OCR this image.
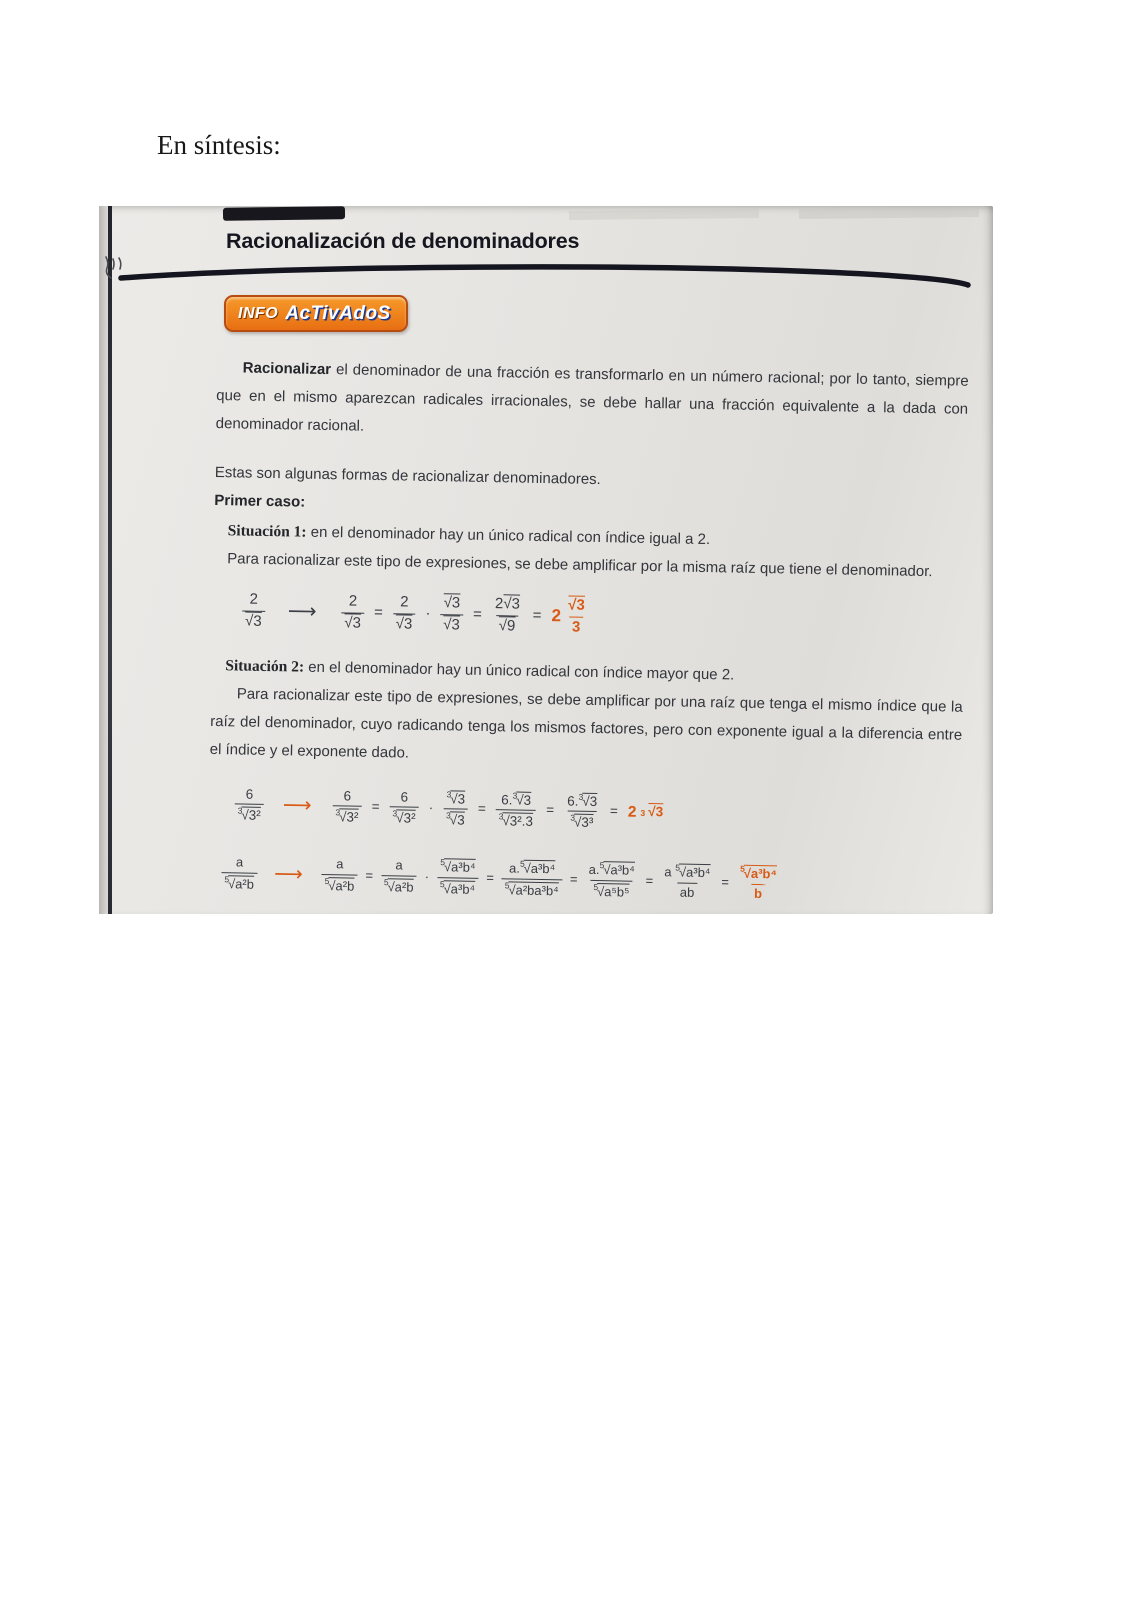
En síntesis:
Racionalización de denominadores
INFO AcTivAdoS

Racionalizar el denominador de una fracción es transformarlo en un número racional; por lo tanto, siempre que en el mismo aparezcan radicales irracionales, se debe hallar una fracción equivalente a la dada con denominador racional.

Estas son algunas formas de racionalizar denominadores.

Primer caso:

Situación 1: en el denominador hay un único radical con índice igual a 2.

Para racionalizar este tipo de expresiones, se debe amplificar por la misma raíz que tiene el denominador.

$\frac{2}{√3}$ ⟶ $\frac{2}{√3} = \frac{2}{√3} \cdot \frac{√3}{√3} = \frac{2√3}{√9} = 2 \frac{√3}{3}$

Situación 2: en el denominador hay un único radical con índice mayor que 2.

Para racionalizar este tipo de expresiones, se debe amplificar por una raíz que tenga el mismo índice que la raíz del denominador, cuyo radicando tenga los mismos factores, pero con exponente igual a la diferencia entre el índice y el exponente dado.

$\frac{6}{^3√3^2}$ ⟶ $\frac{6}{^3√3^2} = \frac{6}{^3√3^2} \cdot \frac{^3√3}{^3√3} = \frac{6.^3√3}{^3√3^2.3} = \frac{6.^3√3}{^3√3^3} = 2$ 3 √3
$\frac{a}{^5√a^2b}$ ⟶ $\frac{a}{^5√a^2b} = \frac{a}{^5√a^2b} \cdot \frac{^5√a^3b^4}{^5√a^3b^4} = \frac{a.^5√a^3b^4}{^5√a^2ba^3b^4} = \frac{a.^5√a^3b^4}{^5√a^5b^5} = \frac{a ^5√a^3b^4}{ab} = \frac{^5√a^3b^4}{b}$
